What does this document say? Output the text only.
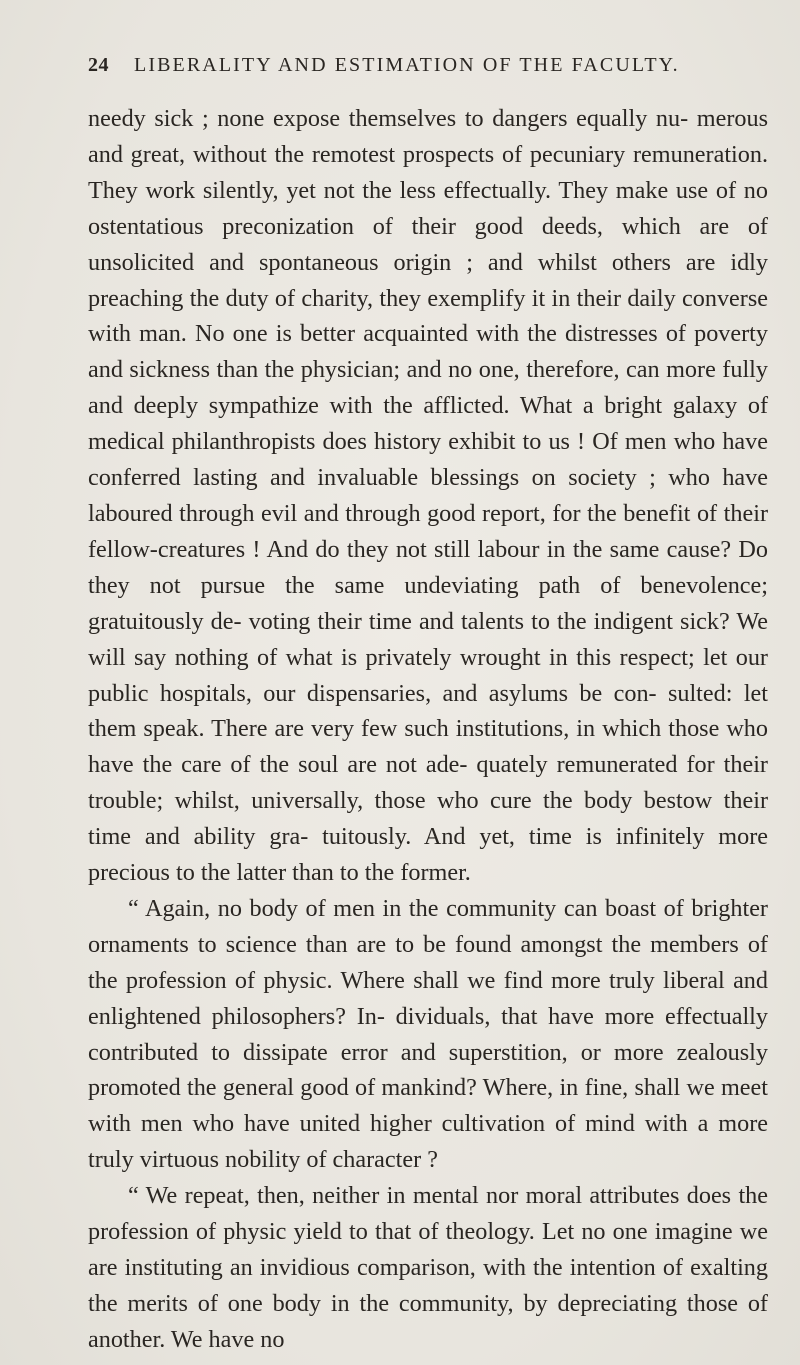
24 LIBERALITY AND ESTIMATION OF THE FACULTY.

needy sick ; none expose themselves to dangers equally nu- merous and great, without the remotest prospects of pecuniary remuneration. They work silently, yet not the less effectually. They make use of no ostentatious preconization of their good deeds, which are of unsolicited and spontaneous origin ; and whilst others are idly preaching the duty of charity, they exemplify it in their daily converse with man. No one is better acquainted with the distresses of poverty and sickness than the physician; and no one, therefore, can more fully and deeply sympathize with the afflicted. What a bright galaxy of medical philanthropists does history exhibit to us ! Of men who have conferred lasting and invaluable blessings on society ; who have laboured through evil and through good report, for the benefit of their fellow-creatures ! And do they not still labour in the same cause? Do they not pursue the same undeviating path of benevolence; gratuitously de- voting their time and talents to the indigent sick? We will say nothing of what is privately wrought in this respect; let our public hospitals, our dispensaries, and asylums be con- sulted: let them speak. There are very few such institutions, in which those who have the care of the soul are not ade- quately remunerated for their trouble; whilst, universally, those who cure the body bestow their time and ability gra- tuitously. And yet, time is infinitely more precious to the latter than to the former.

“ Again, no body of men in the community can boast of brighter ornaments to science than are to be found amongst the members of the profession of physic. Where shall we find more truly liberal and enlightened philosophers? In- dividuals, that have more effectually contributed to dissipate error and superstition, or more zealously promoted the general good of mankind? Where, in fine, shall we meet with men who have united higher cultivation of mind with a more truly virtuous nobility of character ?

“ We repeat, then, neither in mental nor moral attributes does the profession of physic yield to that of theology. Let no one imagine we are instituting an invidious comparison, with the intention of exalting the merits of one body in the community, by depreciating those of another. We have no
